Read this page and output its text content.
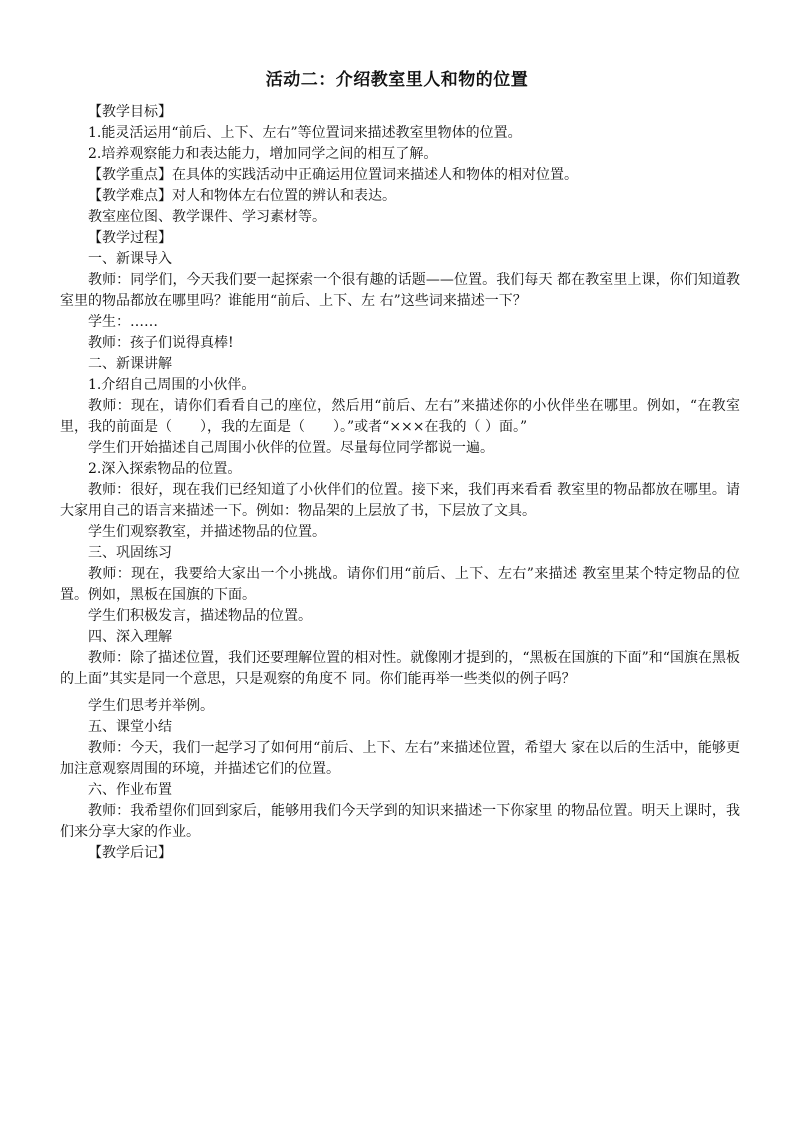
活动二：介绍教室里人和物的位置
【教学目标】
1.能灵活运用“前后、上下、左右”等位置词来描述教室里物体的位置。
2.培养观察能力和表达能力，增加同学之间的相互了解。
【教学重点】在具体的实践活动中正确运用位置词来描述人和物体的相对位置。
【教学难点】对人和物体左右位置的辨认和表达。
教室座位图、教学课件、学习素材等。
【教学过程】
一、新课导入
教师：同学们，今天我们要一起探索一个很有趣的话题——位置。我们每天 都在教室里上课，你们知道教室里的物品都放在哪里吗？谁能用“前后、上下、左 右”这些词来描述一下？
学生：……
教师：孩子们说得真棒!
二、新课讲解
1.介绍自己周围的小伙伴。
教师：现在，请你们看看自己的座位，然后用“前后、左右”来描述你的小伙伴坐在哪里。例如，“在教室里，我的前面是（　　），我的左面是（　　）。”或者“×××在我的（ ）面。”
学生们开始描述自己周围小伙伴的位置。尽量每位同学都说一遍。
2.深入探索物品的位置。
教师：很好，现在我们已经知道了小伙伴们的位置。接下来，我们再来看看 教室里的物品都放在哪里。请大家用自己的语言来描述一下。例如：物品架的上层放了书，下层放了文具。
学生们观察教室，并描述物品的位置。
三、巩固练习
教师：现在，我要给大家出一个小挑战。请你们用“前后、上下、左右”来描述 教室里某个特定物品的位置。例如，黑板在国旗的下面。
学生们积极发言，描述物品的位置。
四、深入理解
教师：除了描述位置，我们还要理解位置的相对性。就像刚才提到的，“黑板在国旗的下面”和“国旗在黑板的上面”其实是同一个意思，只是观察的角度不 同。你们能再举一些类似的例子吗？
学生们思考并举例。
五、课堂小结
教师：今天，我们一起学习了如何用“前后、上下、左右”来描述位置，希望大 家在以后的生活中，能够更加注意观察周围的环境，并描述它们的位置。
六、作业布置
教师：我希望你们回到家后，能够用我们今天学到的知识来描述一下你家里 的物品位置。明天上课时，我们来分享大家的作业。
【教学后记】
